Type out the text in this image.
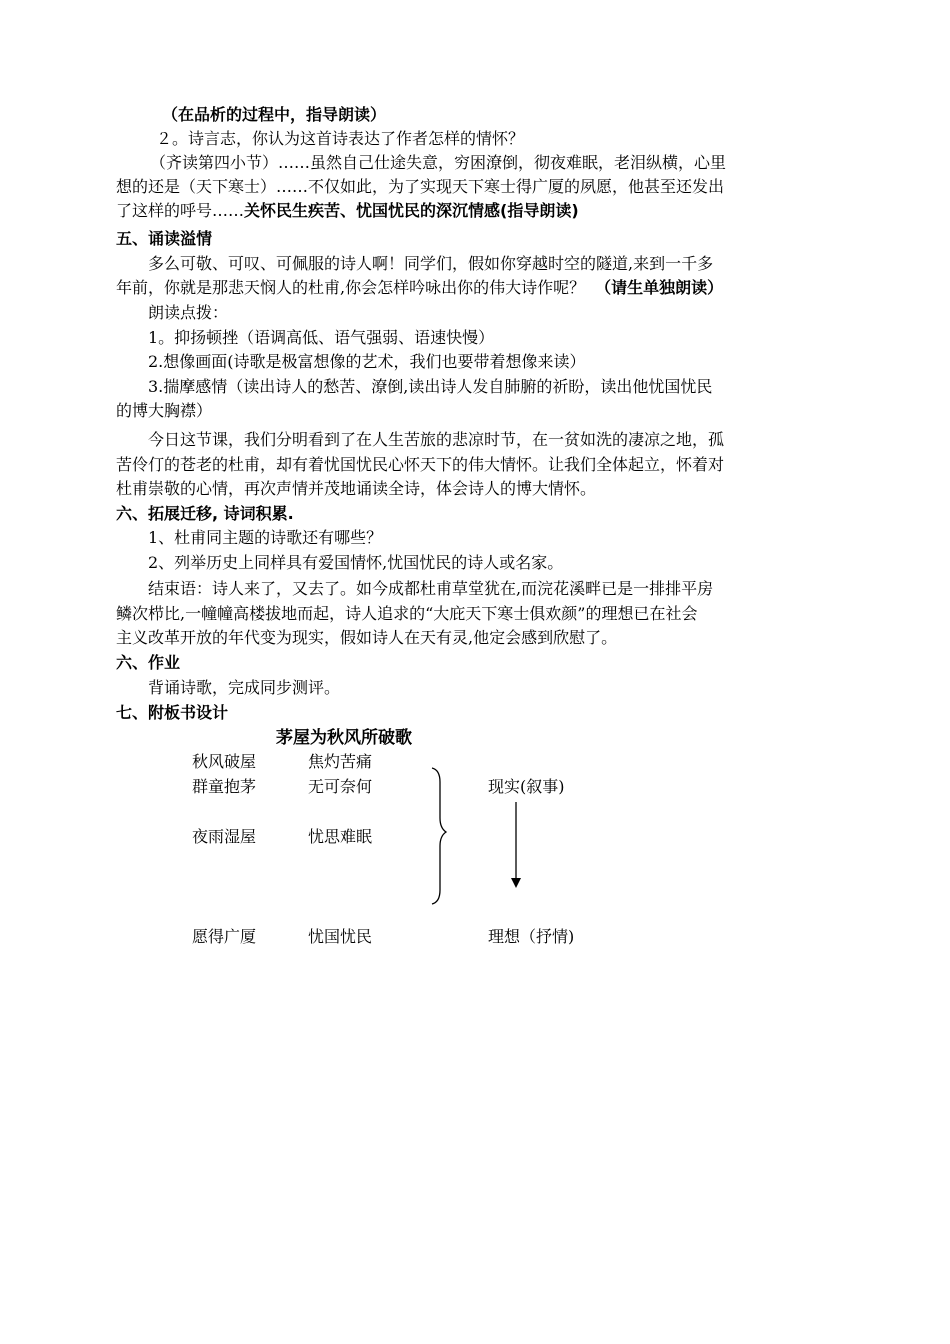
（在品析的过程中，指导朗读）
２。诗言志，你认为这首诗表达了作者怎样的情怀？
（齐读第四小节）……虽然自己仕途失意，穷困潦倒，彻夜难眠，老泪纵横，心里
想的还是（天下寒士）……不仅如此，为了实现天下寒士得广厦的夙愿，他甚至还发出
了这样的呼号……关怀民生疾苦、忧国忧民的深沉情感(指导朗读)
五、诵读溢情
多么可敬、可叹、可佩服的诗人啊！同学们，假如你穿越时空的隧道,来到一千多
年前，你就是那悲天悯人的杜甫,你会怎样吟咏出你的伟大诗作呢？ （请生单独朗读）
朗读点拨：
1。抑扬顿挫（语调高低、语气强弱、语速快慢）
2.想像画面(诗歌是极富想像的艺术，我们也要带着想像来读）
3.揣摩感情（读出诗人的愁苦、潦倒,读出诗人发自肺腑的祈盼，读出他忧国忧民
的博大胸襟）
今日这节课，我们分明看到了在人生苦旅的悲凉时节，在一贫如洗的凄凉之地，孤
苦伶仃的苍老的杜甫，却有着忧国忧民心怀天下的伟大情怀。让我们全体起立，怀着对
杜甫崇敬的心情，再次声情并茂地诵读全诗，体会诗人的博大情怀。
六、拓展迁移, 诗词积累.
1、杜甫同主题的诗歌还有哪些？
2、列举历史上同样具有爱国情怀,忧国忧民的诗人或名家。
结束语：诗人来了，又去了。如今成都杜甫草堂犹在,而浣花溪畔已是一排排平房
鳞次栉比,一幢幢高楼拔地而起，诗人追求的“大庇天下寒士俱欢颜”的理想已在社会
主义改革开放的年代变为现实，假如诗人在天有灵,他定会感到欣慰了。
六、作业
背诵诗歌，完成同步测评。
七、附板书设计
茅屋为秋风所破歌
秋风破屋	焦灼苦痛
群童抱茅	无可奈何
夜雨湿屋	忧思难眠
愿得广厦	忧国忧民
现实(叙事)
理想（抒情)
